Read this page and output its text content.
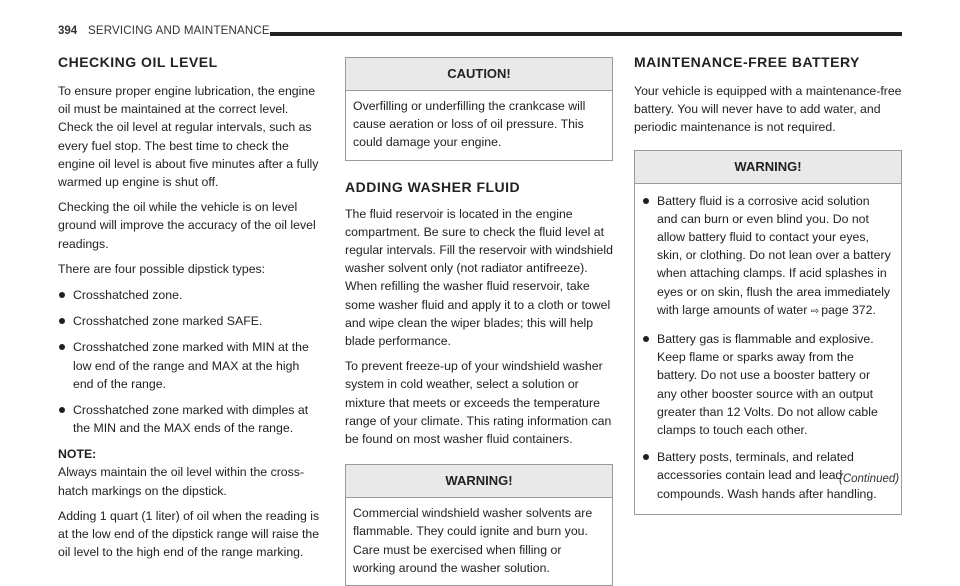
394 SERVICING AND MAINTENANCE
CHECKING OIL LEVEL

To ensure proper engine lubrication, the engine oil must be maintained at the correct level. Check the oil level at regular intervals, such as every fuel stop. The best time to check the engine oil level is about five minutes after a fully warmed up engine is shut off.

Checking the oil while the vehicle is on level ground will improve the accuracy of the oil level readings.

There are four possible dipstick types:

Crosshatched zone.
Crosshatched zone marked SAFE.
Crosshatched zone marked with MIN at the low end of the range and MAX at the high end of the range.
Crosshatched zone marked with dimples at the MIN and the MAX ends of the range.
NOTE:

Always maintain the oil level within the cross-hatch markings on the dipstick.

Adding 1 quart (1 liter) of oil when the reading is at the low end of the dipstick range will raise the oil level to the high end of the range marking.

CAUTION!

Overfilling or underfilling the crankcase will cause aeration or loss of oil pressure. This could damage your engine.

ADDING WASHER FLUID

The fluid reservoir is located in the engine compartment. Be sure to check the fluid level at regular intervals. Fill the reservoir with windshield washer solvent only (not radiator antifreeze). When refilling the washer fluid reservoir, take some washer fluid and apply it to a cloth or towel and wipe clean the wiper blades; this will help blade performance.

To prevent freeze-up of your windshield washer system in cold weather, select a solution or mixture that meets or exceeds the temperature range of your climate. This rating information can be found on most washer fluid containers.

WARNING!

Commercial windshield washer solvents are flammable. They could ignite and burn you. Care must be exercised when filling or working around the washer solution.

MAINTENANCE-FREE BATTERY

Your vehicle is equipped with a maintenance-free battery. You will never have to add water, and periodic maintenance is not required.

WARNING!
Battery fluid is a corrosive acid solution and can burn or even blind you. Do not allow battery fluid to contact your eyes, skin, or clothing. Do not lean over a battery when attaching clamps. If acid splashes in eyes or on skin, flush the area immediately with large amounts of water ⇨ page 372.
Battery gas is flammable and explosive. Keep flame or sparks away from the battery. Do not use a booster battery or any other booster source with an output greater than 12 Volts. Do not allow cable clamps to touch each other.
Battery posts, terminals, and related accessories contain lead and lead compounds. Wash hands after handling.
(Continued)
